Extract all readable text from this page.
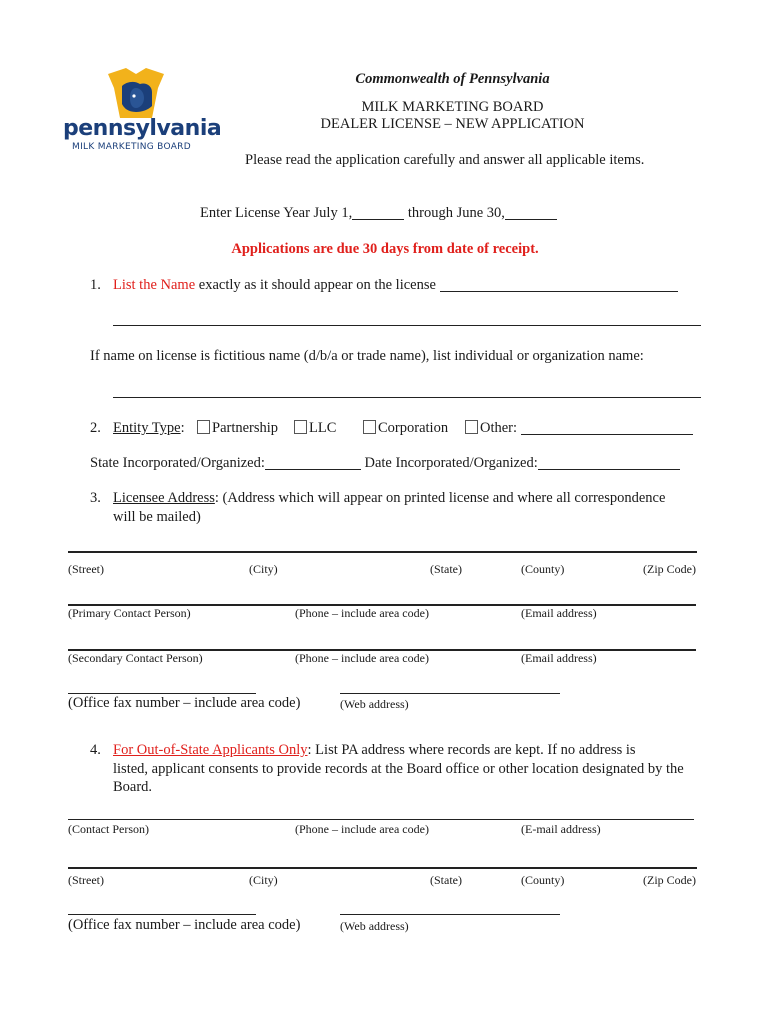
pennsylvania
MILK MARKETING BOARD
Commonwealth of Pennsylvania
MILK MARKETING BOARD
DEALER LICENSE – NEW APPLICATION
Please read the application carefully and answer all applicable items.
Enter License Year July 1,	through June 30,
Applications are due 30 days from date of receipt.
1. List the Name exactly as it should appear on the license
If name on license is fictitious name (d/b/a or trade name), list individual or organization name:
2. Entity Type:	Partnership	LLC	Corporation	Other:
State Incorporated/Organized:	Date Incorporated/Organized:
3. Licensee Address: (Address which will appear on printed license and where all correspondence
will be mailed)
(Street)	(City)	(State)	(County)	(Zip Code)
(Primary Contact Person)	(Phone – include area code)	(Email address)
(Secondary Contact Person)	(Phone – include area code)	(Email address)
(Office fax number – include area code)	(Web address)
4. For Out-of-State Applicants Only: List PA address where records are kept. If no address is
listed, applicant consents to provide records at the Board office or other location designated by the
Board.
(Contact Person)	(Phone – include area code)	(E-mail address)
(Street)	(City)	(State)	(County)	(Zip Code)
(Office fax number – include area code)	(Web address)
